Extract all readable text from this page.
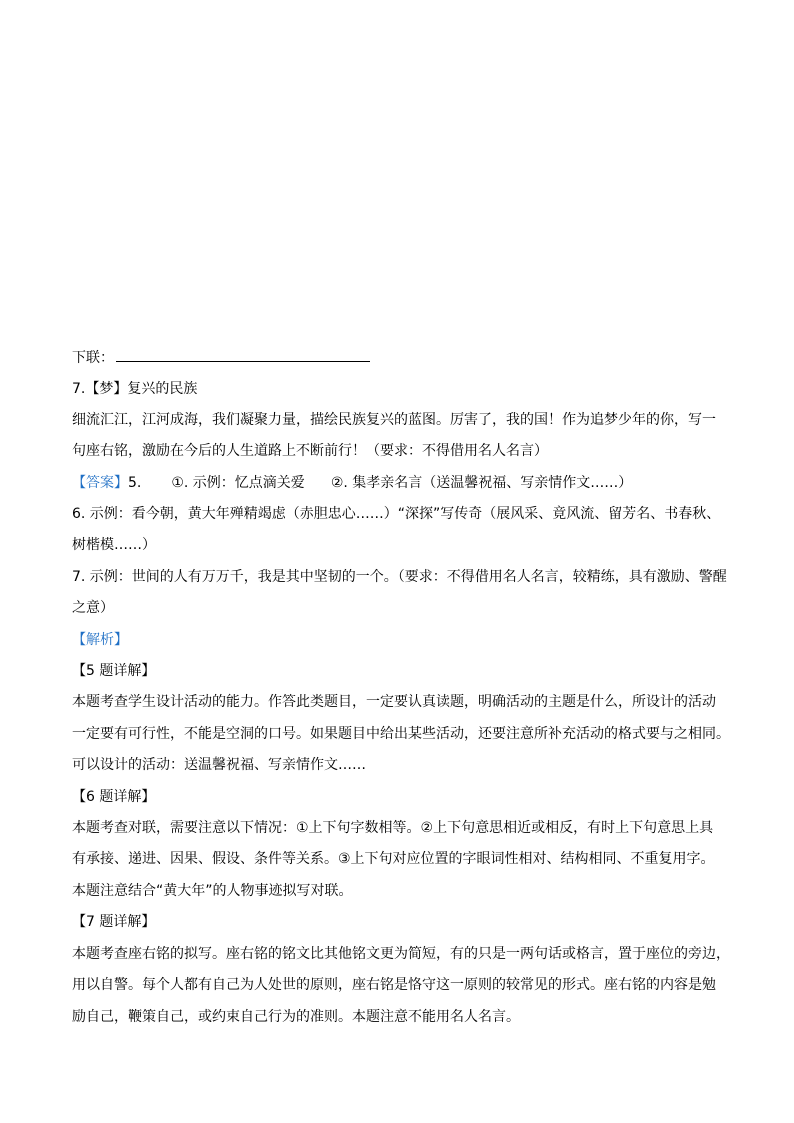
下联：
7.【梦】复兴的民族
细流汇江，江河成海，我们凝聚力量，描绘民族复兴的蓝图。厉害了，我的国！作为追梦少年的你，写一
句座右铭，激励在今后的人生道路上不断前行！（要求：不得借用名人名言）
【答案】5. ①. 示例：忆点滴关爱 ②. 集孝亲名言（送温馨祝福、写亲情作文……）
6. 示例：看今朝，黄大年殚精竭虑（赤胆忠心……）“深探”写传奇（展风采、竟风流、留芳名、书春秋、
树楷模……）
7. 示例：世间的人有万万千，我是其中坚韧的一个。（要求：不得借用名人名言，较精练，具有激励、警醒
之意）
【解析】
【5 题详解】
本题考查学生设计活动的能力。作答此类题目，一定要认真读题，明确活动的主题是什么，所设计的活动
一定要有可行性，不能是空洞的口号。如果题目中给出某些活动，还要注意所补充活动的格式要与之相同。
可以设计的活动：送温馨祝福、写亲情作文……
【6 题详解】
本题考查对联，需要注意以下情况：①上下句字数相等。②上下句意思相近或相反，有时上下句意思上具
有承接、递进、因果、假设、条件等关系。③上下句对应位置的字眼词性相对、结构相同、不重复用字。
本题注意结合“黄大年”的人物事迹拟写对联。
【7 题详解】
本题考查座右铭的拟写。座右铭的铭文比其他铭文更为简短，有的只是一两句话或格言，置于座位的旁边，
用以自警。每个人都有自己为人处世的原则，座右铭是恪守这一原则的较常见的形式。座右铭的内容是勉
励自己，鞭策自己，或约束自己行为的准则。本题注意不能用名人名言。
